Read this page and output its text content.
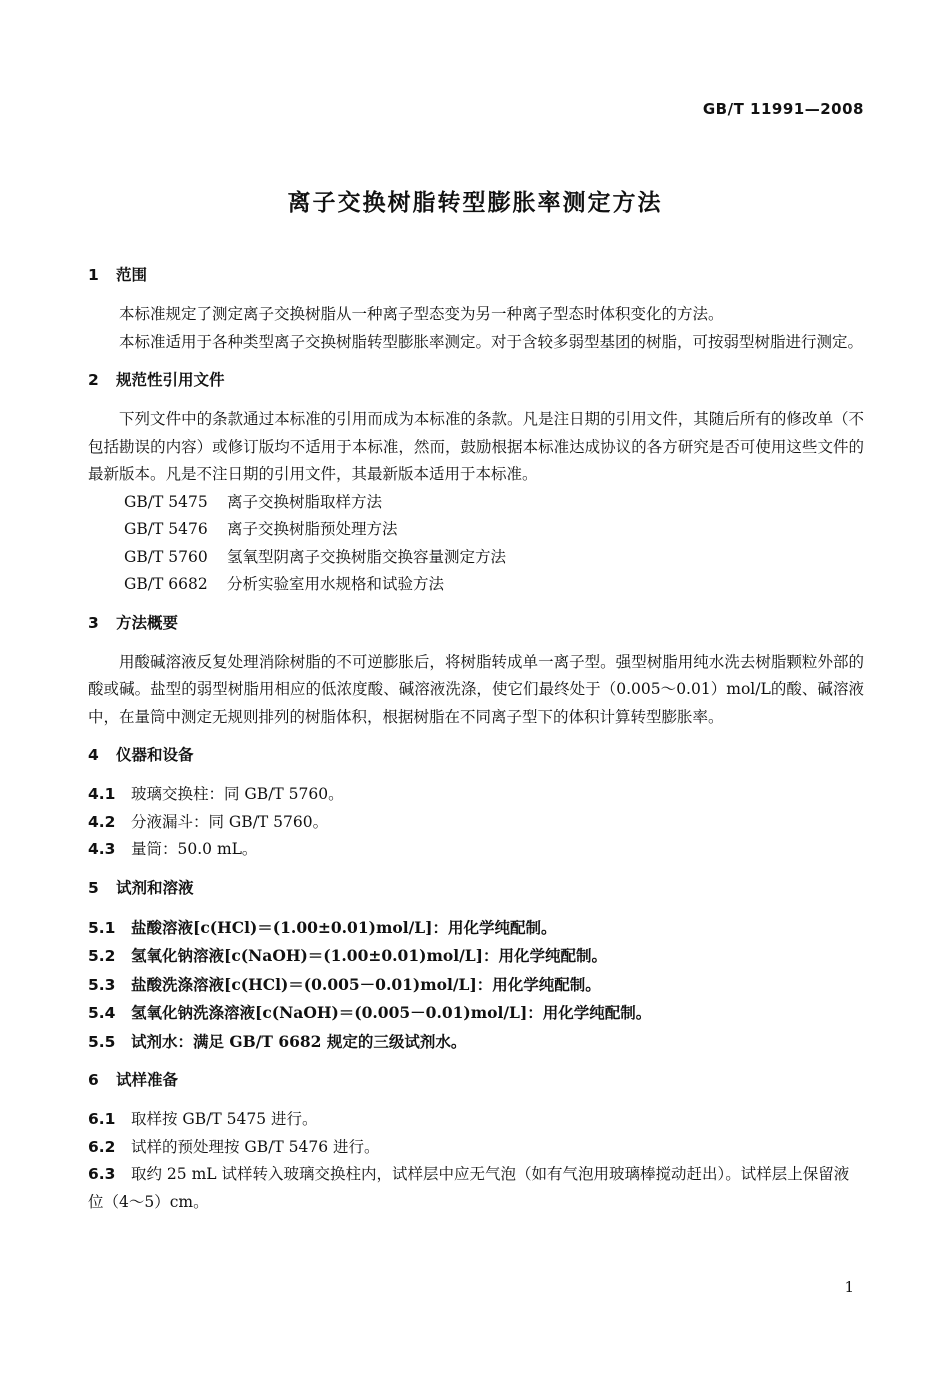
GB/T 11991—2008
离子交换树脂转型膨胀率测定方法
1 范围

本标准规定了测定离子交换树脂从一种离子型态变为另一种离子型态时体积变化的方法。

本标准适用于各种类型离子交换树脂转型膨胀率测定。对于含较多弱型基团的树脂，可按弱型树脂进行测定。

2 规范性引用文件

下列文件中的条款通过本标准的引用而成为本标准的条款。凡是注日期的引用文件，其随后所有的修改单（不包括勘误的内容）或修订版均不适用于本标准，然而，鼓励根据本标准达成协议的各方研究是否可使用这些文件的最新版本。凡是不注日期的引用文件，其最新版本适用于本标准。

GB/T 5475 离子交换树脂取样方法
GB/T 5476 离子交换树脂预处理方法
GB/T 5760 氢氧型阴离子交换树脂交换容量测定方法
GB/T 6682 分析实验室用水规格和试验方法
3 方法概要

用酸碱溶液反复处理消除树脂的不可逆膨胀后，将树脂转成单一离子型。强型树脂用纯水洗去树脂颗粒外部的酸或碱。盐型的弱型树脂用相应的低浓度酸、碱溶液洗涤，使它们最终处于（0.005～0.01）mol/L的酸、碱溶液中，在量筒中测定无规则排列的树脂体积，根据树脂在不同离子型下的体积计算转型膨胀率。

4 仪器和设备
4.1 玻璃交换柱：同 GB/T 5760。
4.2 分液漏斗：同 GB/T 5760。
4.3 量筒：50.0 mL。
5 试剂和溶液
5.1 盐酸溶液[c(HCl)＝(1.00±0.01)mol/L]：用化学纯配制。
5.2 氢氧化钠溶液[c(NaOH)＝(1.00±0.01)mol/L]：用化学纯配制。
5.3 盐酸洗涤溶液[c(HCl)＝(0.005－0.01)mol/L]：用化学纯配制。
5.4 氢氧化钠洗涤溶液[c(NaOH)＝(0.005－0.01)mol/L]：用化学纯配制。
5.5 试剂水：满足 GB/T 6682 规定的三级试剂水。
6 试样准备
6.1 取样按 GB/T 5475 进行。
6.2 试样的预处理按 GB/T 5476 进行。
6.3 取约 25 mL 试样转入玻璃交换柱内，试样层中应无气泡（如有气泡用玻璃棒搅动赶出）。试样层上保留液位（4～5）cm。
1
